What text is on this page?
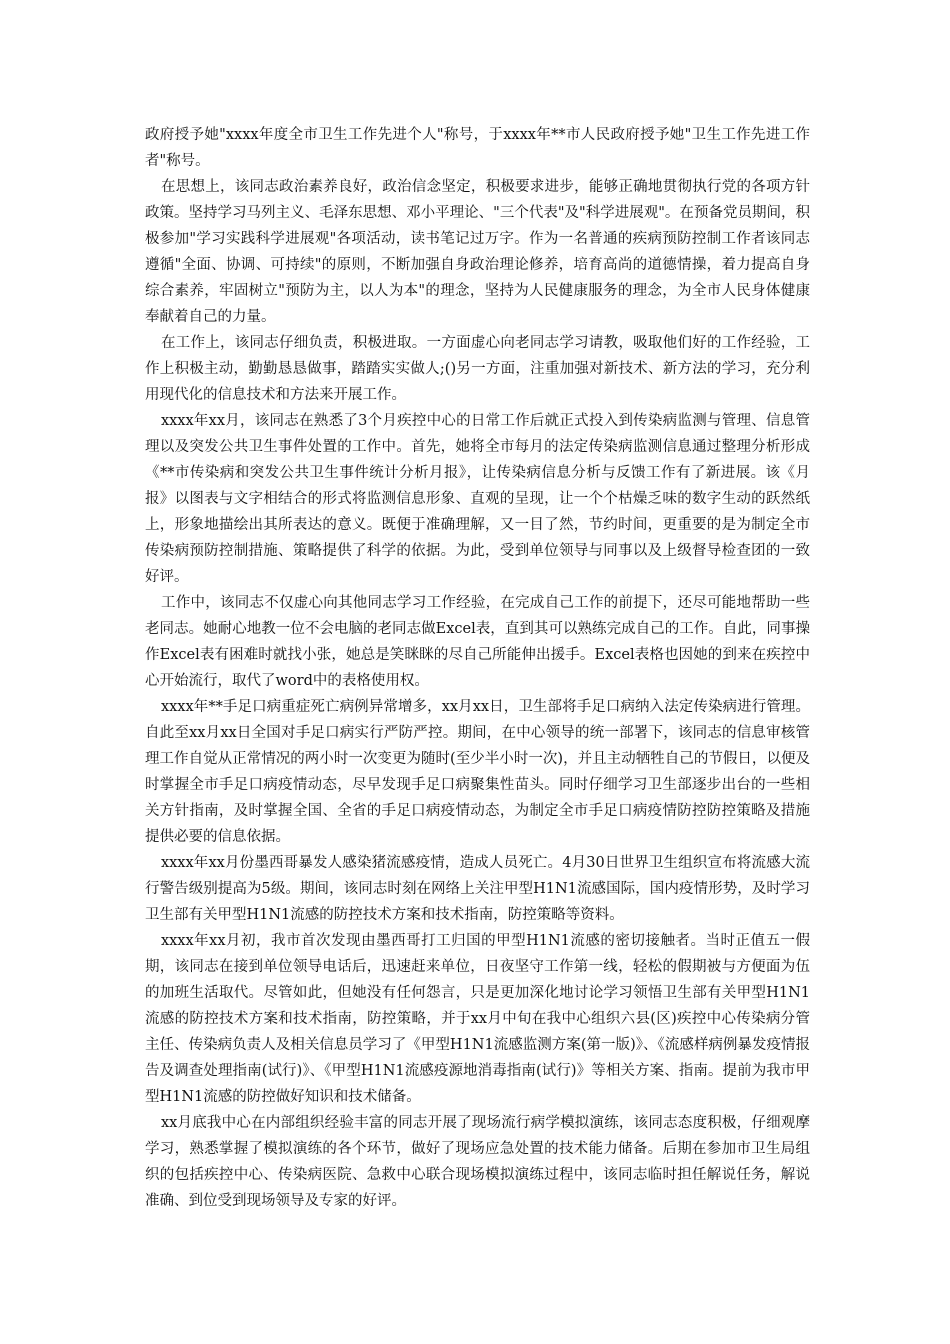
政府授予她"xxxx年度全市卫生工作先进个人"称号，于xxxx年**市人民政府授予她"卫生工作先进工作者"称号。

在思想上，该同志政治素养良好，政治信念坚定，积极要求进步，能够正确地贯彻执行党的各项方针政策。坚持学习马列主义、毛泽东思想、邓小平理论、"三个代表"及"科学进展观"。在预备党员期间，积极参加"学习实践科学进展观"各项活动，读书笔记过万字。作为一名普通的疾病预防控制工作者该同志遵循"全面、协调、可持续"的原则，不断加强自身政治理论修养，培育高尚的道德情操，着力提高自身综合素养，牢固树立"预防为主，以人为本"的理念，坚持为人民健康服务的理念，为全市人民身体健康奉献着自己的力量。

在工作上，该同志仔细负责，积极进取。一方面虚心向老同志学习请教，吸取他们好的工作经验，工作上积极主动，勤勤恳恳做事，踏踏实实做人;()另一方面，注重加强对新技术、新方法的学习，充分利用现代化的信息技术和方法来开展工作。

xxxx年xx月，该同志在熟悉了3个月疾控中心的日常工作后就正式投入到传染病监测与管理、信息管理以及突发公共卫生事件处置的工作中。首先，她将全市每月的法定传染病监测信息通过整理分析形成《**市传染病和突发公共卫生事件统计分析月报》，让传染病信息分析与反馈工作有了新进展。该《月报》以图表与文字相结合的形式将监测信息形象、直观的呈现，让一个个枯燥乏味的数字生动的跃然纸上，形象地描绘出其所表达的意义。既便于准确理解，又一目了然，节约时间，更重要的是为制定全市传染病预防控制措施、策略提供了科学的依据。为此，受到单位领导与同事以及上级督导检查团的一致好评。

工作中，该同志不仅虚心向其他同志学习工作经验，在完成自己工作的前提下，还尽可能地帮助一些老同志。她耐心地教一位不会电脑的老同志做Excel表，直到其可以熟练完成自己的工作。自此，同事操作Excel表有困难时就找小张，她总是笑眯眯的尽自己所能伸出援手。Excel表格也因她的到来在疾控中心开始流行，取代了word中的表格使用权。

xxxx年**手足口病重症死亡病例异常增多，xx月xx日，卫生部将手足口病纳入法定传染病进行管理。自此至xx月xx日全国对手足口病实行严防严控。期间，在中心领导的统一部署下，该同志的信息审核管理工作自觉从正常情况的两小时一次变更为随时(至少半小时一次)，并且主动牺牲自己的节假日，以便及时掌握全市手足口病疫情动态，尽早发现手足口病聚集性苗头。同时仔细学习卫生部逐步出台的一些相关方针指南，及时掌握全国、全省的手足口病疫情动态，为制定全市手足口病疫情防控防控策略及措施提供必要的信息依据。

xxxx年xx月份墨西哥暴发人感染猪流感疫情，造成人员死亡。4月30日世界卫生组织宣布将流感大流行警告级别提高为5级。期间，该同志时刻在网络上关注甲型H1N1流感国际，国内疫情形势，及时学习卫生部有关甲型H1N1流感的防控技术方案和技术指南，防控策略等资料。

xxxx年xx月初，我市首次发现由墨西哥打工归国的甲型H1N1流感的密切接触者。当时正值五一假期，该同志在接到单位领导电话后，迅速赶来单位，日夜坚守工作第一线，轻松的假期被与方便面为伍的加班生活取代。尽管如此，但她没有任何怨言，只是更加深化地讨论学习领悟卫生部有关甲型H1N1流感的防控技术方案和技术指南，防控策略，并于xx月中旬在我中心组织六县(区)疾控中心传染病分管主任、传染病负责人及相关信息员学习了《甲型H1N1流感监测方案(第一版)》、《流感样病例暴发疫情报告及调查处理指南(试行)》、《甲型H1N1流感疫源地消毒指南(试行)》等相关方案、指南。提前为我市甲型H1N1流感的防控做好知识和技术储备。

xx月底我中心在内部组织经验丰富的同志开展了现场流行病学模拟演练，该同志态度积极，仔细观摩学习，熟悉掌握了模拟演练的各个环节，做好了现场应急处置的技术能力储备。后期在参加市卫生局组织的包括疾控中心、传染病医院、急救中心联合现场模拟演练过程中，该同志临时担任解说任务，解说准确、到位受到现场领导及专家的好评。
